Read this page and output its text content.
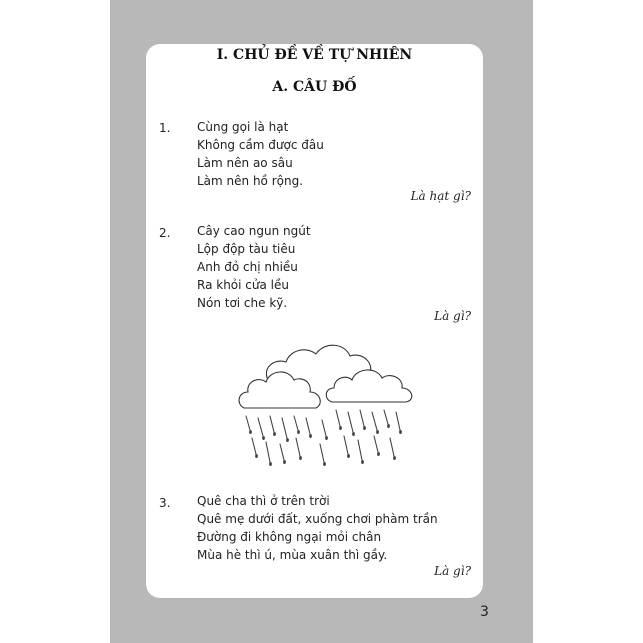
I. CHỦ ĐỀ VỀ TỰ NHIÊN
A. CÂU ĐỐ
1. Cùng gọi là hạt
Không cầm được đâu
Làm nên ao sâu
Làm nên hồ rộng.
Là hạt gì?
2. Cây cao ngun ngút
Lộp độp tàu tiêu
Anh đỏ chị nhiều
Ra khỏi cửa lều
Nón tơi che kỹ.
Là gì?
3. Quê cha thì ở trên trời
Quê mẹ dưới đất, xuống chơi phàm trần
Đường đi không ngại mỏi chân
Mùa hè thì ú, mùa xuân thì gầy.
Là gì?
3
